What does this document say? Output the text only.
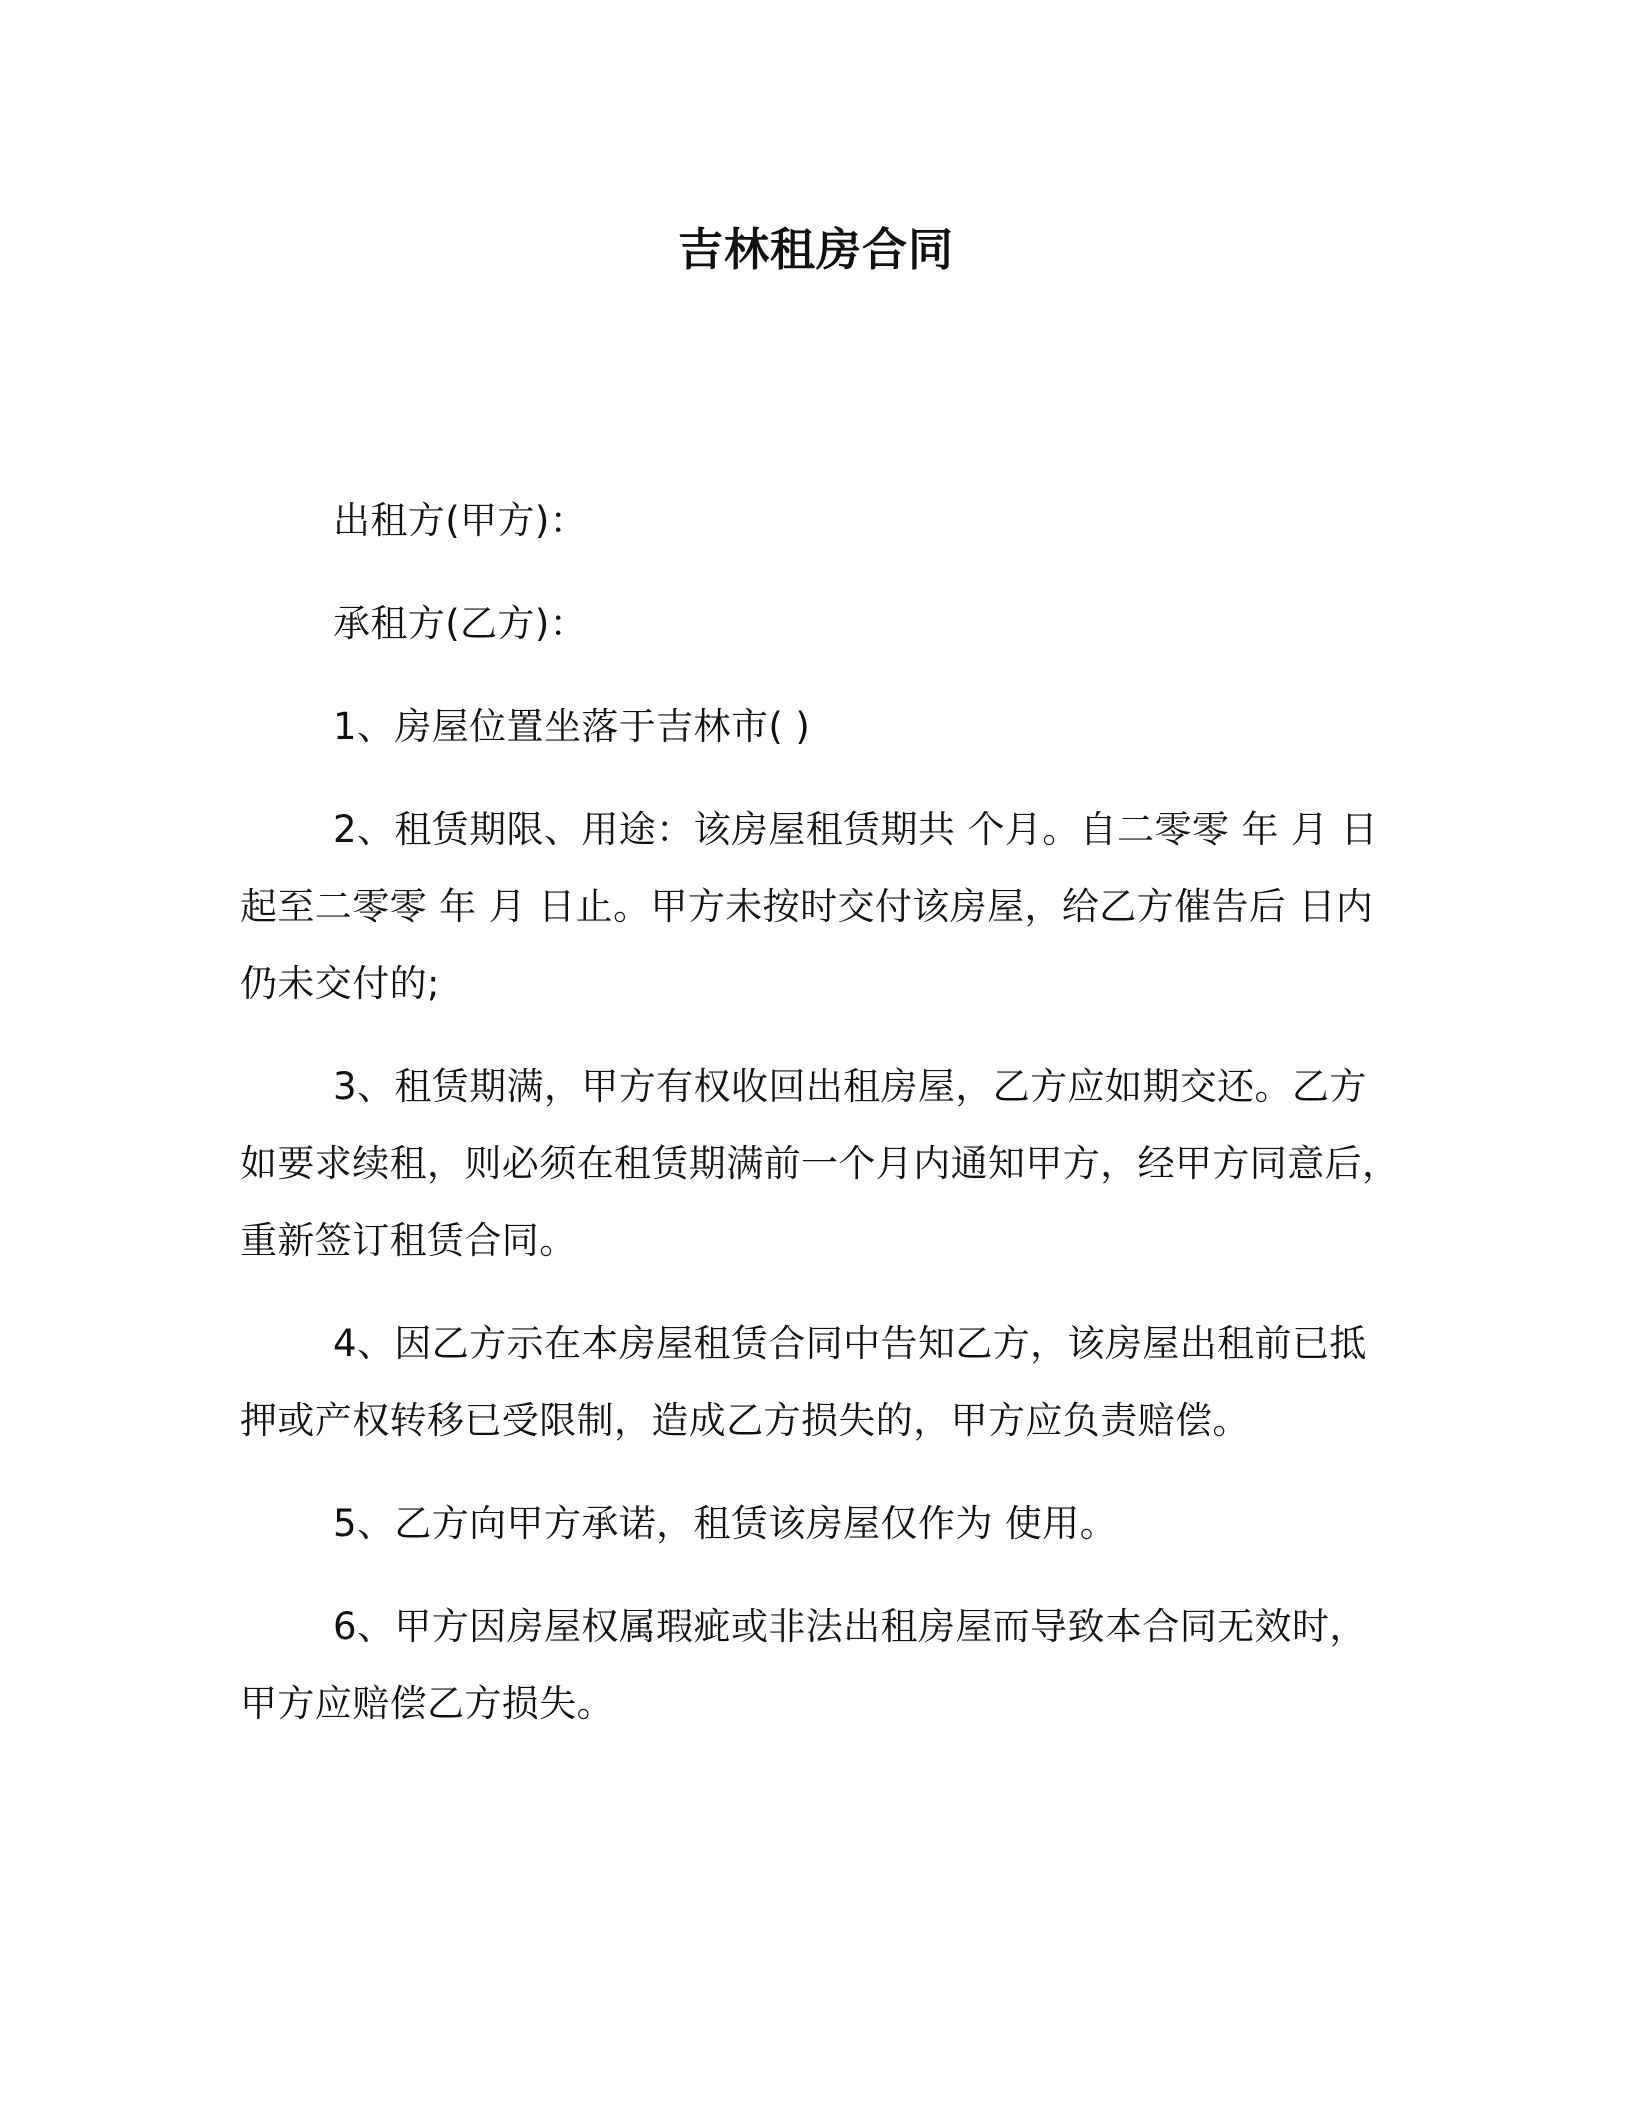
吉林租房合同
出租方(甲方)：
承租方(乙方)：
1、房屋位置坐落于吉林市( )
2、租赁期限、用途：该房屋租赁期共 个月。自二零零 年 月 日
起至二零零 年 月 日止。甲方未按时交付该房屋，给乙方催告后 日内
仍未交付的;
3、租赁期满，甲方有权收回出租房屋，乙方应如期交还。乙方
如要求续租，则必须在租赁期满前一个月内通知甲方，经甲方同意后，
重新签订租赁合同。
4、因乙方示在本房屋租赁合同中告知乙方，该房屋出租前已抵
押或产权转移已受限制，造成乙方损失的，甲方应负责赔偿。
5、乙方向甲方承诺，租赁该房屋仅作为 使用。
6、甲方因房屋权属瑕疵或非法出租房屋而导致本合同无效时，
甲方应赔偿乙方损失。
